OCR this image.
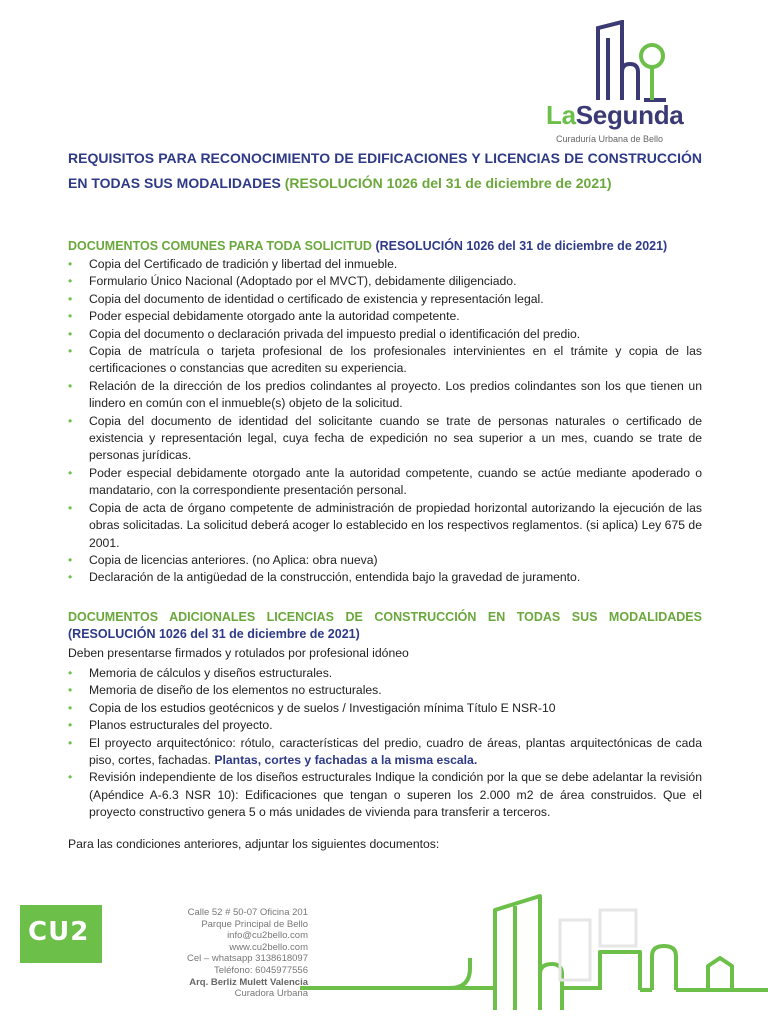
LaSegunda
Curaduría Urbana de Bello

REQUISITOS PARA RECONOCIMIENTO DE EDIFICACIONES Y LICENCIAS DE CONSTRUCCIÓN EN TODAS SUS MODALIDADES (RESOLUCIÓN 1026 del 31 de diciembre de 2021)

DOCUMENTOS COMUNES PARA TODA SOLICITUD (RESOLUCIÓN 1026 del 31 de diciembre de 2021)

• Copia del Certificado de tradición y libertad del inmueble.
• Formulario Único Nacional (Adoptado por el MVCT), debidamente diligenciado.
• Copia del documento de identidad o certificado de existencia y representación legal.
• Poder especial debidamente otorgado ante la autoridad competente.
• Copia del documento o declaración privada del impuesto predial o identificación del predio.
• Copia de matrícula o tarjeta profesional de los profesionales intervinientes en el trámite y copia de las certificaciones o constancias que acrediten su experiencia.
• Relación de la dirección de los predios colindantes al proyecto. Los predios colindantes son los que tienen un lindero en común con el inmueble(s) objeto de la solicitud.
• Copia del documento de identidad del solicitante cuando se trate de personas naturales o certificado de existencia y representación legal, cuya fecha de expedición no sea superior a un mes, cuando se trate de personas jurídicas.
• Poder especial debidamente otorgado ante la autoridad competente, cuando se actúe mediante apoderado o mandatario, con la correspondiente presentación personal.
• Copia de acta de órgano competente de administración de propiedad horizontal autorizando la ejecución de las obras solicitadas. La solicitud deberá acoger lo establecido en los respectivos reglamentos. (si aplica) Ley 675 de 2001.
• Copia de licencias anteriores. (no Aplica: obra nueva)
• Declaración de la antigüedad de la construcción, entendida bajo la gravedad de juramento.

DOCUMENTOS ADICIONALES LICENCIAS DE CONSTRUCCIÓN EN TODAS SUS MODALIDADES (RESOLUCIÓN 1026 del 31 de diciembre de 2021)

Deben presentarse firmados y rotulados por profesional idóneo

• Memoria de cálculos y diseños estructurales.
• Memoria de diseño de los elementos no estructurales.
• Copia de los estudios geotécnicos y de suelos / Investigación mínima Título E NSR-10
• Planos estructurales del proyecto.
• El proyecto arquitectónico: rótulo, características del predio, cuadro de áreas, plantas arquitectónicas de cada piso, cortes, fachadas. Plantas, cortes y fachadas a la misma escala.
• Revisión independiente de los diseños estructurales Indique la condición por la que se debe adelantar la revisión (Apéndice A-6.3 NSR 10): Edificaciones que tengan o superen los 2.000 m2 de área construidos. Que el proyecto constructivo genera 5 o más unidades de vivienda para transferir a terceros.

Para las condiciones anteriores, adjuntar los siguientes documentos:

CU2
Calle 52 # 50-07 Oficina 201
Parque Principal de Bello
info@cu2bello.com
www.cu2bello.com
Cel – whatsapp 3138618097
Teléfono: 6045977556
Arq. Berliz Mulett Valencia
Curadora Urbana
